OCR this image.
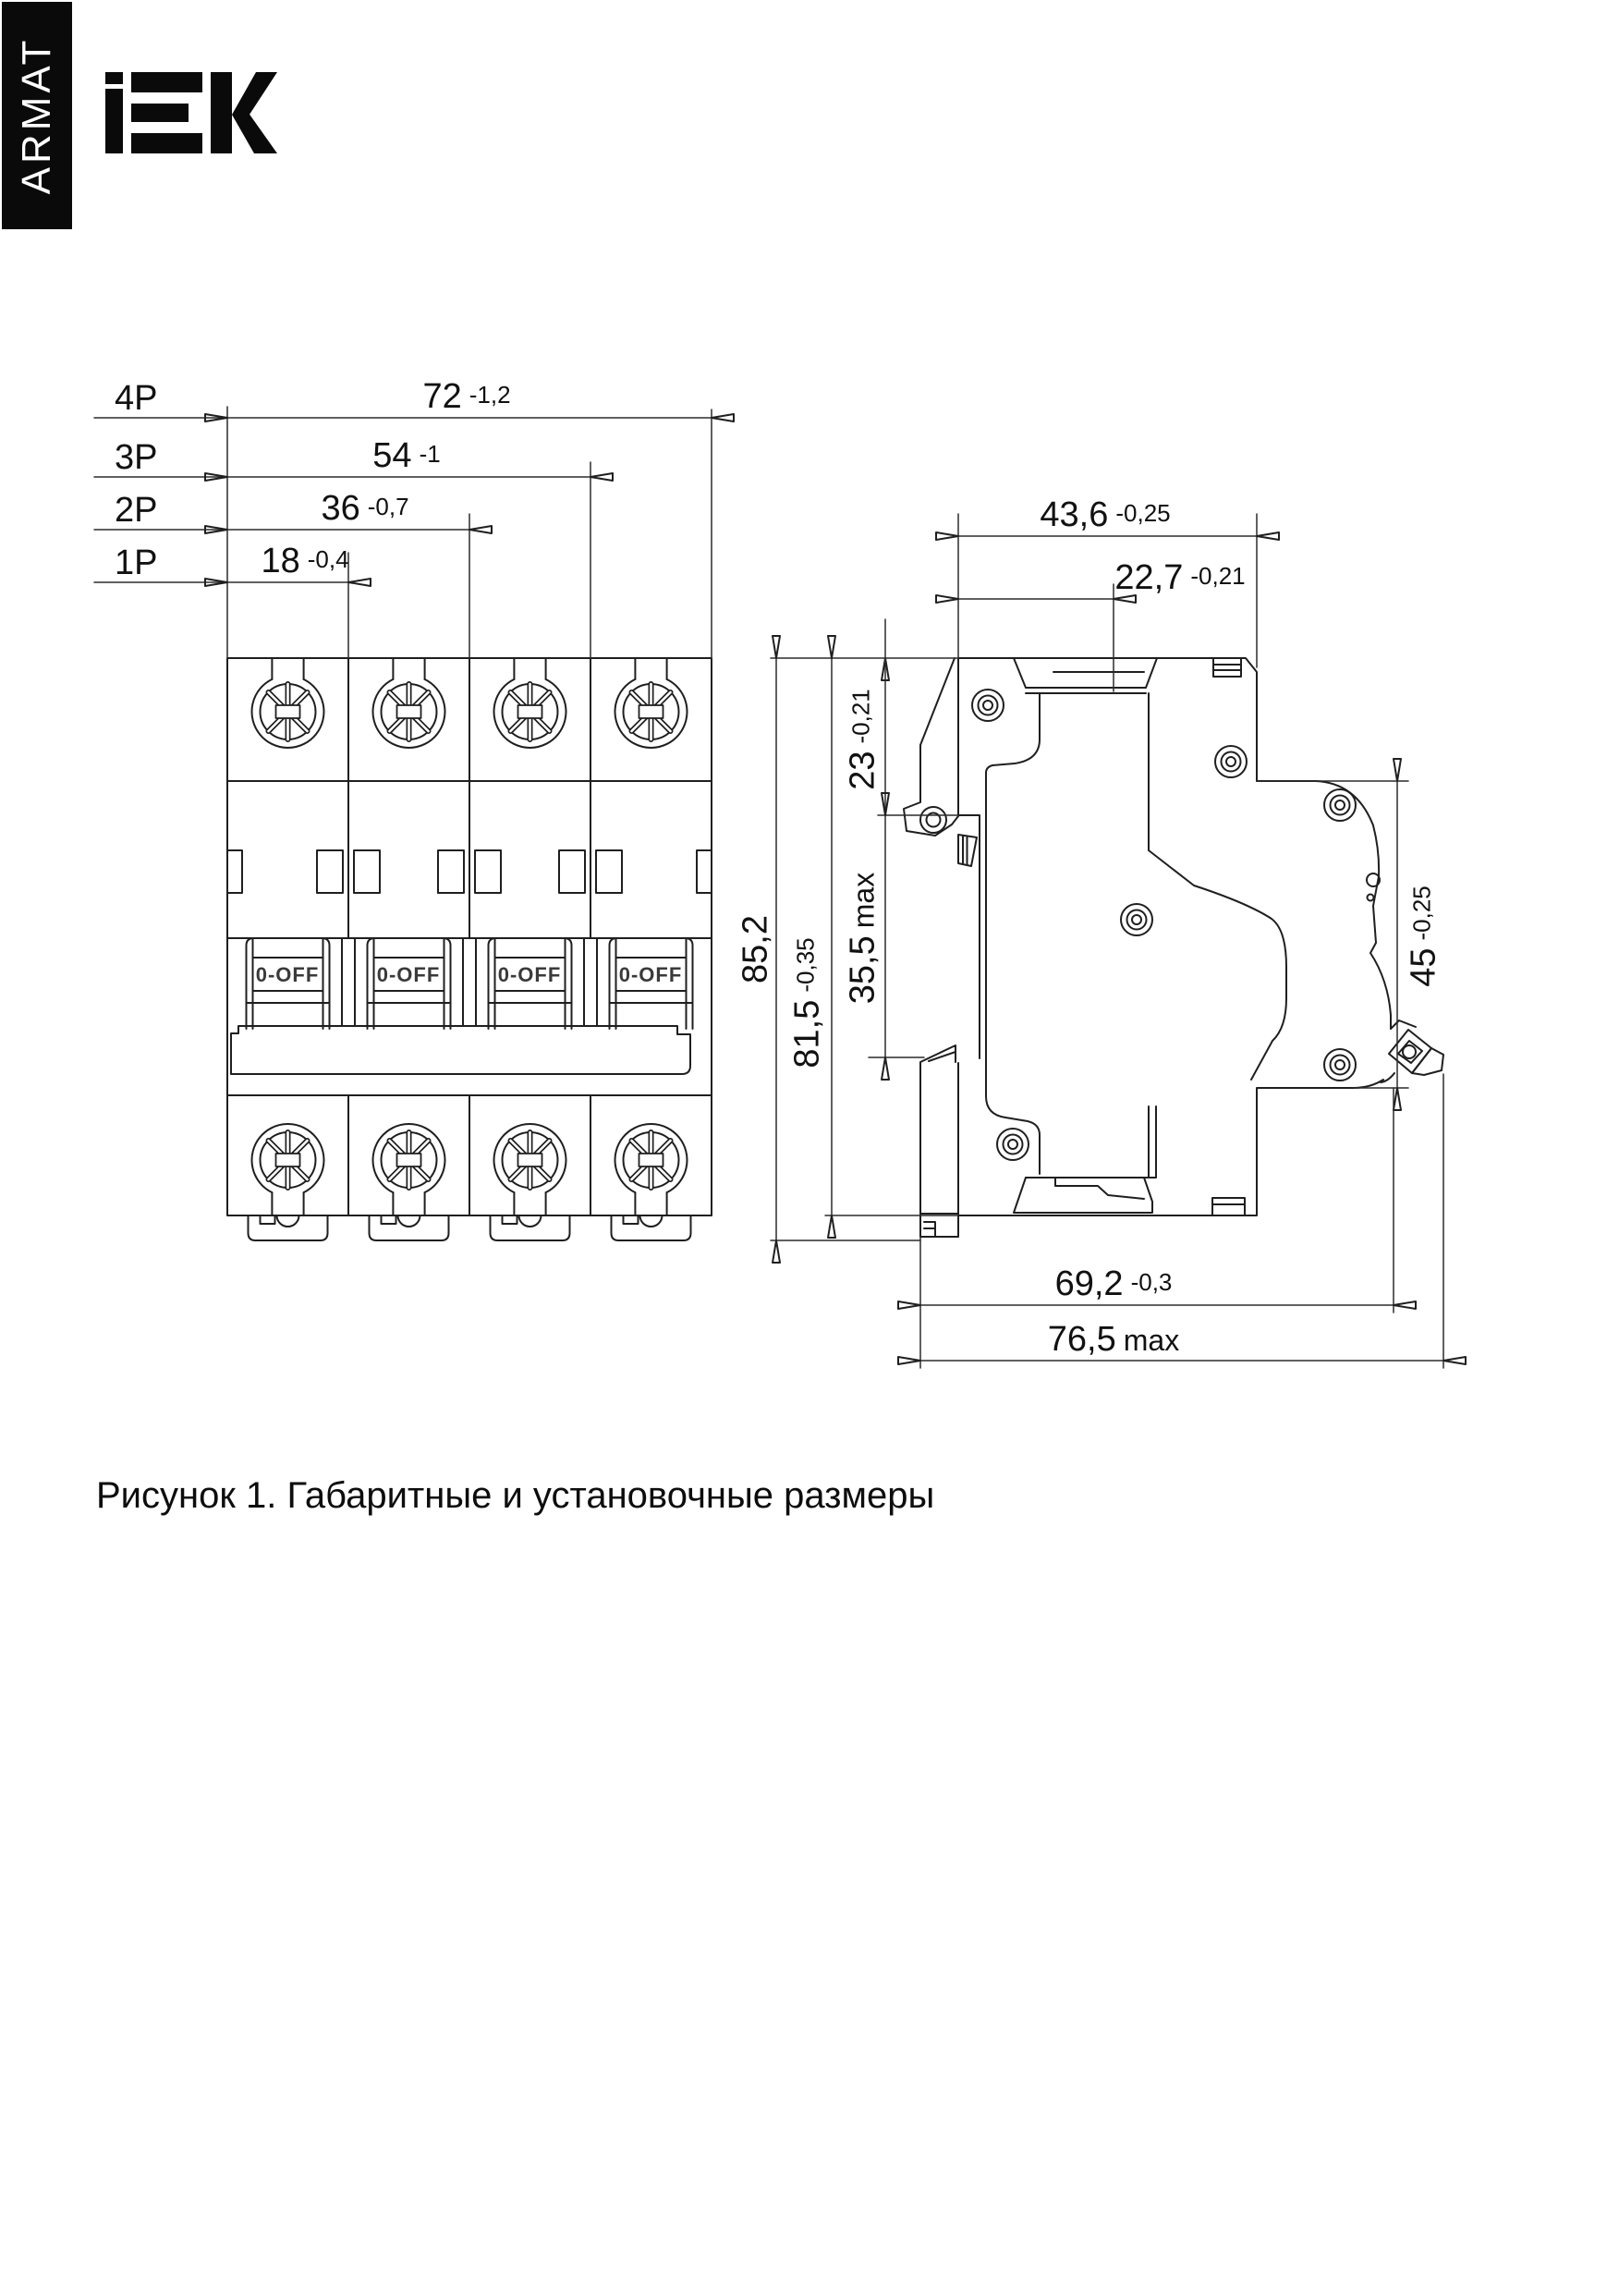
ARMAT
4P
3P
2P
1P
72 -1,2
54 -1
36 -0,7
18 -0,4
43,6 -0,25
22,7 -0,21
85,2
81,5
-0,35
23
-0,21
35,5
max
45
-0,25
69,2 -0,3
76,5 max
0-OFF	0-OFF	0-OFF	0-OFF
Рисунок 1. Габаритные и установочные размеры
